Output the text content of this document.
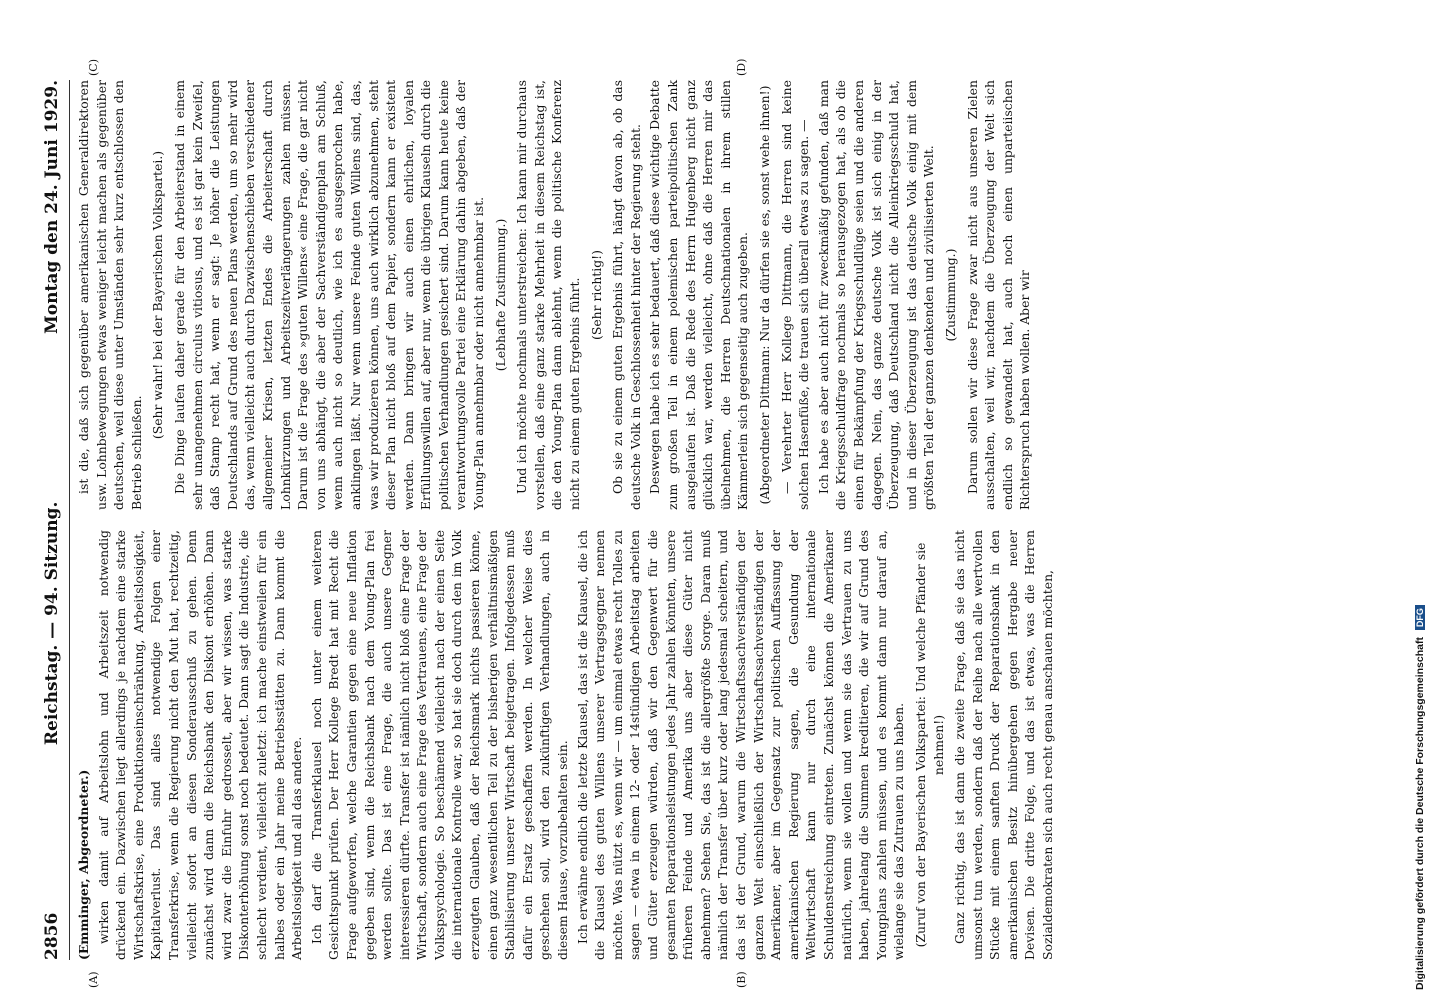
2856
Reichstag. — 94. Sitzung.
Montag den 24. Juni 1929.
(A)	(B)
(C)	(D)

(Emminger, Abgeordneter.) wirken damit auf Arbeitslohn und Arbeitszeit notwendig drückend ein. Dazwischen liegt allerdings je nachdem eine starke Wirtschaftskrise, eine Produktionseinschränkung, Arbeitslosigkeit, Kapitalverlust. Das sind alles notwendige Folgen einer Transferkrise, wenn die Regierung nicht den Mut hat, rechtzeitig, vielleicht sofort an diesen Sonderausschuß zu gehen. Denn zunächst wird dann die Reichsbank den Diskont erhöhen. Dann wird zwar die Einfuhr gedrosselt, aber wir wissen, was starke Diskonterhöhung sonst noch bedeutet. Dann sagt die Industrie, die schlecht verdient, vielleicht zuletzt: ich mache einstweilen für ein halbes oder ein Jahr meine Betriebsstätten zu. Dann kommt die Arbeitslosigkeit und all das andere. Ich darf die Transferklausel noch unter einem weiteren Gesichtspunkt prüfen. Der Herr Kollege Bredt hat mit Recht die Frage aufgeworfen, welche Garantien gegen eine neue Inflation gegeben sind, wenn die Reichsbank nach dem Young-Plan frei werden sollte. Das ist eine Frage, die auch unsere Gegner interessieren dürfte. Transfer ist nämlich nicht bloß eine Frage der Wirtschaft, sondern auch eine Frage des Vertrauens, eine Frage der Volkspsychologie. So beschämend vielleicht nach der einen Seite die internationale Kontrolle war, so hat sie doch durch den im Volk erzeugten Glauben, daß der Reichsmark nichts passieren könne, einen ganz wesentlichen Teil zu der bisherigen verhältnismäßigen Stabilisierung unserer Wirtschaft beigetragen. Infolgedessen muß dafür ein Ersatz geschaffen werden. In welcher Weise dies geschehen soll, wird den zukünftigen Verhandlungen, auch in diesem Hause, vorzubehalten sein. Ich erwähne endlich die letzte Klausel, das ist die Klausel, die ich die Klausel des guten Willens unserer Vertragsgegner nennen möchte. Was nützt es, wenn wir — um einmal etwas recht Tolles zu sagen — etwa in einem 12- oder 14stündigen Arbeitstag arbeiten und Güter erzeugen würden, daß wir den Gegenwert für die gesamten Reparationsleistungen jedes Jahr zahlen könnten, unsere früheren Feinde und Amerika uns aber diese Güter nicht abnehmen? Sehen Sie, das ist die allergrößte Sorge. Daran muß nämlich der Transfer über kurz oder lang jedesmal scheitern, und das ist der Grund, warum die Wirtschaftssachverständigen der ganzen Welt einschließlich der Wirtschaftssachverständigen der Amerikaner, aber im Gegensatz zur politischen Auffassung der amerikanischen Regierung sagen, die Gesundung der Weltwirtschaft kann nur durch eine internationale Schuldenstreichung eintreten. Zunächst können die Amerikaner natürlich, wenn sie wollen und wenn sie das Vertrauen zu uns haben, jahrelang die Summen kreditieren, die wir auf Grund des Youngplans zahlen müssen, und es kommt dann nur darauf an, wielange sie das Zutrauen zu uns haben. (Zuruf von der Bayerischen Volkspartei: Und welche Pfänder sie nehmen!) Ganz richtig, das ist dann die zweite Frage, daß sie das nicht umsonst tun werden, sondern daß der Reihe nach alle wertvollen Stücke mit einem sanften Druck der Reparationsbank in den amerikanischen Besitz hinübergehen gegen Hergabe neuer Devisen. Die dritte Folge, und das ist etwas, was die Herren Sozialdemokraten sich auch recht genau anschauen möchten,

ist die, daß sich gegenüber amerikanischen Generaldirektoren usw. Lohnbewegungen etwas weniger leicht machen als gegenüber deutschen, weil diese unter Umständen sehr kurz entschlossen den Betrieb schließen.

(Sehr wahr! bei der Bayerischen Volkspartei.) Die Dinge laufen daher gerade für den Arbeiterstand in einem sehr unangenehmen circulus vitiosus, und es ist gar kein Zweifel, daß Stamp recht hat, wenn er sagt: Je höher die Leistungen Deutschlands auf Grund des neuen Plans werden, um so mehr wird das, wenn vielleicht auch durch Dazwischenschieben verschiedener allgemeiner Krisen, letzten Endes die Arbeiterschaft durch Lohnkürzungen und Arbeitszeitverlängerungen zahlen müssen. Darum ist die Frage des »guten Willens« eine Frage, die gar nicht von uns abhängt, die aber der Sachverständigenplan am Schluß, wenn auch nicht so deutlich, wie ich es ausgesprochen habe, anklingen läßt. Nur wenn unsere Feinde guten Willens sind, das, was wir produzieren können, uns auch wirklich abzunehmen, steht dieser Plan nicht bloß auf dem Papier, sondern kann er existent werden. Dann bringen wir auch einen ehrlichen, loyalen Erfüllungswillen auf, aber nur, wenn die übrigen Klauseln durch die politischen Verhandlungen gesichert sind. Darum kann heute keine verantwortungsvolle Partei eine Erklärung dahin abgeben, daß der Young-Plan annehmbar oder nicht annehmbar ist. (Lebhafte Zustimmung.) Und ich möchte nochmals unterstreichen: Ich kann mir durchaus vorstellen, daß eine ganz starke Mehrheit in diesem Reichstag ist, die den Young-Plan dann ablehnt, wenn die politische Konferenz nicht zu einem guten Ergebnis führt. (Sehr richtig!) Ob sie zu einem guten Ergebnis führt, hängt davon ab, ob das deutsche Volk in Geschlossenheit hinter der Regierung steht. Deswegen habe ich es sehr bedauert, daß diese wichtige Debatte zum großen Teil in einem polemischen parteipolitischen Zank ausgelaufen ist. Daß die Rede des Herrn Hugenberg nicht ganz glücklich war, werden vielleicht, ohne daß die Herren mir das übelnehmen, die Herren Deutschnationalen in ihrem stillen Kämmerlein sich gegenseitig auch zugeben. (Abgeordneter Dittmann: Nur da dürfen sie es, sonst wehe ihnen!) — Verehrter Herr Kollege Dittmann, die Herren sind keine solchen Hasenfüße, die trauen sich überall etwas zu sagen. — Ich habe es aber auch nicht für zweckmäßig gefunden, daß man die Kriegsschuldfrage nochmals so herausgezogen hat, als ob die einen für Bekämpfung der Kriegsschuldlüge seien und die anderen dagegen. Nein, das ganze deutsche Volk ist sich einig in der Überzeugung, daß Deutschland nicht die Alleinkriegsschuld hat, und in dieser Überzeugung ist das deutsche Volk einig mit dem größten Teil der ganzen denkenden und zivilisierten Welt. (Zustimmung.) Darum sollen wir diese Frage zwar nicht aus unseren Zielen ausschalten, weil wir, nachdem die Überzeugung der Welt sich endlich so gewandelt hat, auch noch einen unparteiischen Richterspruch haben wollen. Aber wir

Digitalisierung gefördert durch die Deutsche Forschungsgemeinschaft DFG
